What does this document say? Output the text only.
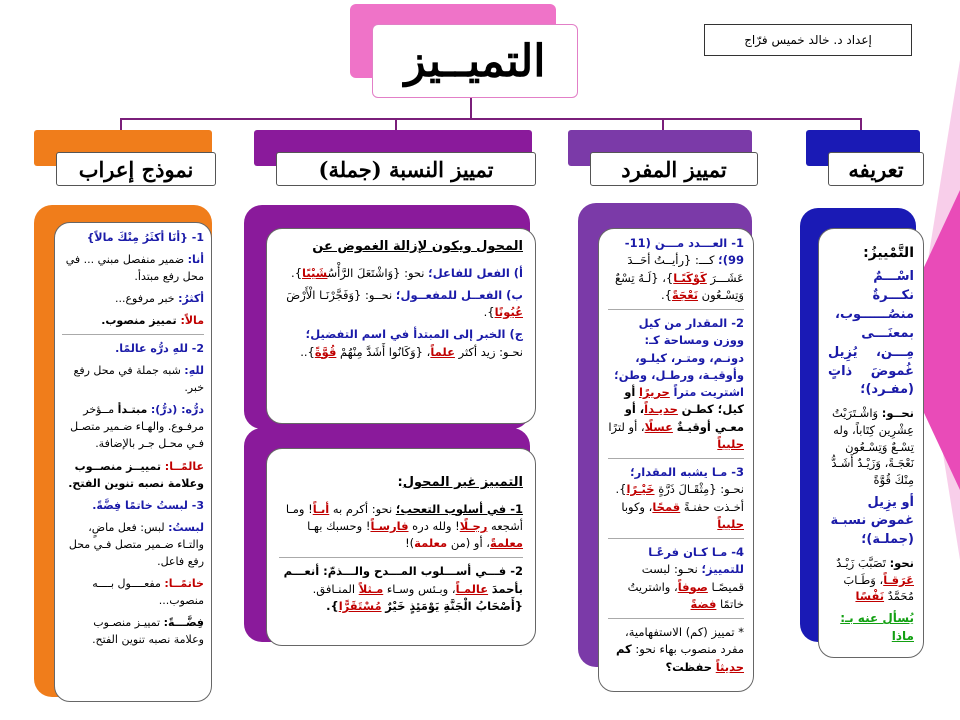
التميــيز	إعداد د. خالد خميس فرّاج
نموذج إعراب	تمييز النسبة (جملة)	تمييز المفرد	تعريفه

1- {أنَا أكثَرُ مِنْكَ مالاً}

أنا: ضمير منفصل مبني ... في محل رفع مبتدأ.

أكثرُ: خبر مرفوع...

مالاً: تمييز منصوب.

2- للهِ درُّه عالمًا.

للهِ: شبه جملة في محل رفع خبر.

درُّه: (درُّ): مبتـدأ مــؤخر مرفـوع. والهـاء ضـمير متصـل فـي محـل جـر بالإضافة.

عالمًــا: تمييــز منصــوب وعلامة نصبه تنوين الفتح.

3- لبستُ خاتمًا فِضَّةً.

لبستُ: لبس: فعل ماضٍ، والتـاء ضـمير متصل فـي محل رفع فاعل.

خاتمًــا: مفعــــول بــــه منصوب...

فِضَّـــةً: تمييـز منصـوب وعلامة نصبه تنوين الفتح.

المحول ويكون لإزالة الغموض عن

أ) الفعل للفاعل؛ نحو: {وَاشْتَعَلَ الرَّأْسُشَيْبًا}.

ب) الفعــل للمفعــول؛ نحــو: {وَفَجَّرْنَـا الْأَرْضَ عُيُونًا}.

ج) الخبر إلى المبتدأ في اسم التفضيل؛ نحـو: زيد أكثر علماً، {وَكَانُوا أَشَدَّ مِنْهُمْ قُوَّةً}..

التمييز غير المحول:

1- في أسلوب التعجب؛ نحو: أكرم به أبـاً! ومـا أشجعه رجـلًا! ولله دره فارسـاً! وحسبك بهـا معلمةً، أو (من معلمة)!

2- فـــي أســـلوب المـــدح والـــذمّ: أنعـــم بأحمدَ عالمـاً، وبـئس وسـاء مـثلاً المنـافق. {أَصْحَابُ الْجَنَّةِ يَوْمَئِذٍ خَيْرٌ مُسْتَقَرًّا}.

1- العـــدد مـــن (11-99)؛ كـــ: {رأيــتُ أحَــدَ عَشَـــرَ كَوْكَبًـا}، {لَـهُ تِسْعٌ وَتِسْـعُون نَعْجَةً}.

2- المقدار من كيل ووزن ومساحة كـ: دونـم، ومتـر، كيلـو، وأوقيـة، ورطـل، وطن؛ اشتريت متراً حريرًا أو كيل؛ كطـن حديـداً، أو معـي أوقيـةٌ عسلًا، أو لترًا حليباً

3- مـا يشبه المقدار؛ نحـو: {مِثْقَـالَ ذَرَّةٍ خَيْـرًا}. أخـذت حفنـةً قمحًا، وكوبا حليباً

4- مـا كـان فرعًـا للتمييز؛ نحـو: لبست قميصًـا صوفاً، واشتريتُ خاتمًا فضةً

* تمييز (كم) الاستفهامية، مفرد منصوب بهاء نحو: كم حديثاً حفظت؟

التَّمْييزُ:

اسْـــمٌ نكـــرةٌ منصُــــــوب، بمعنَـــى مِـــن، يُزِيل غُموضَ ذاتٍ (مفـرد)؛

نحــو: وَاشْـتَرَيْتُ عِشْرِين كِتَاباً، وله تِسْـعٌ وَتِسْـعُون نَعْجَـةً، وَزَيْـدٌ أَشَـدُّ مِنْكَ قُوَّةً

أو يزِيل غموض نسبـة (جملـة)؛

نحو: تَصَبَّبَ زَيْـدٌ عَرَقـاً، وَطَـابَ مُحَمَّدٌ نَفْسًا

يُسأل عنه بـ: ماذا
